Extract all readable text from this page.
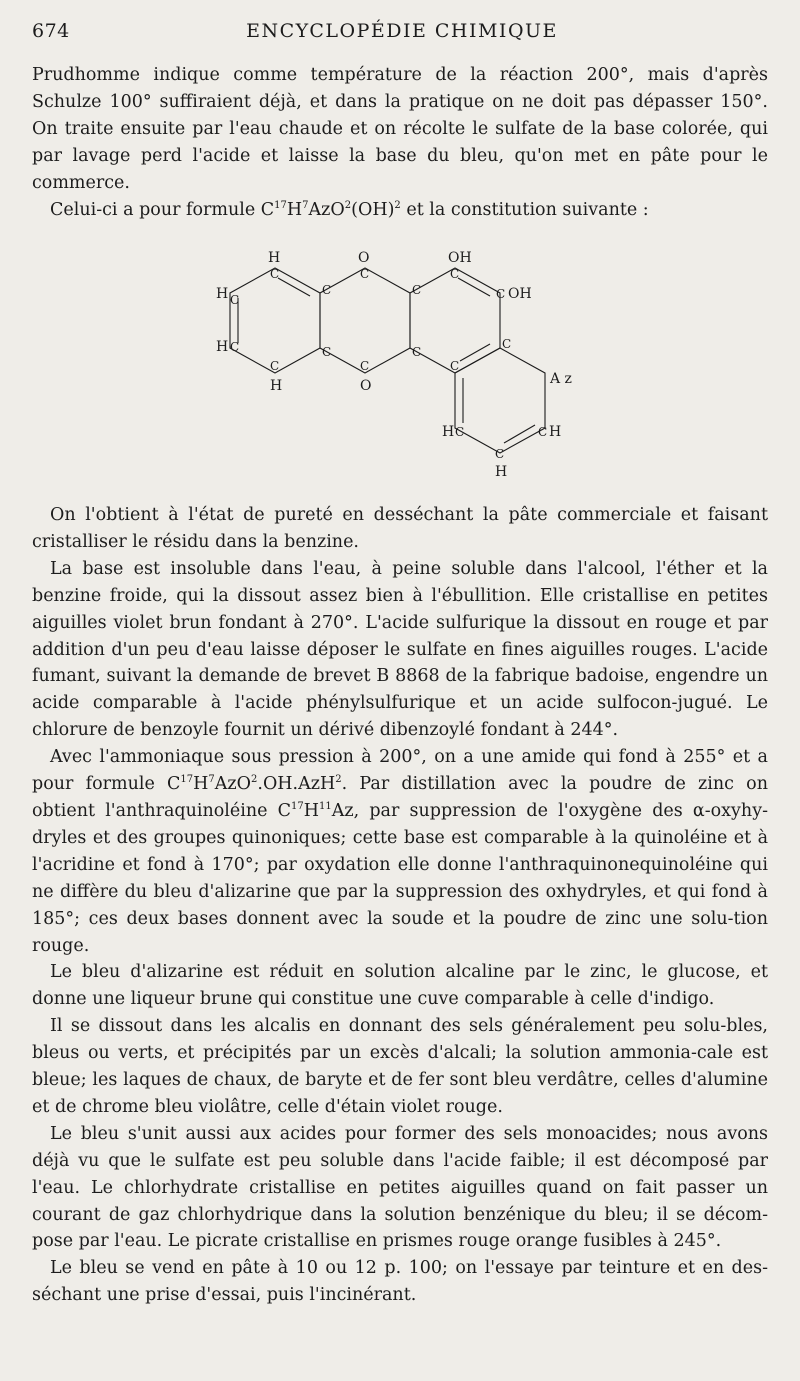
674	ENCYCLOPÉDIE CHIMIQUE

Prudhomme indique comme température de la réaction 200°, mais d'après Schulze 100° suffiraient déjà, et dans la pratique on ne doit pas dépasser 150°. On traite ensuite par l'eau chaude et on récolte le sulfate de la base colorée, qui par lavage perd l'acide et laisse la base du bleu, qu'on met en pâte pour le commerce.

Celui-ci a pour formule $C^{17}H^7AzO^2(OH)^2$ et la constitution suivante :

H	O	OH
C
C
C
C
C
H C	C OH
H C
C
C
C
C
C
C
H	O	A z
H C	C H
C
H

On l'obtient à l'état de pureté en desséchant la pâte commerciale et faisant cristalliser le résidu dans la benzine.

La base est insoluble dans l'eau, à peine soluble dans l'alcool, l'éther et la benzine froide, qui la dissout assez bien à l'ébullition. Elle cristallise en petites aiguilles violet brun fondant à 270°. L'acide sulfurique la dissout en rouge et par addition d'un peu d'eau laisse déposer le sulfate en fines aiguilles rouges. L'acide fumant, suivant la demande de brevet B 8868 de la fabrique badoise, engendre un acide comparable à l'acide phénylsulfurique et un acide sulfocon-jugué. Le chlorure de benzoyle fournit un dérivé dibenzoylé fondant à 244°.

Avec l'ammoniaque sous pression à 200°, on a une amide qui fond à 255° et a pour formule $C^{17}H^7AzO^2.OH.AzH^2$. Par distillation avec la poudre de zinc on obtient l'anthraquinoléine $C^{17}H^{11}Az$, par suppression de l'oxygène des α-oxyhy-dryles et des groupes quinoniques; cette base est comparable à la quinoléine et à l'acridine et fond à 170°; par oxydation elle donne l'anthraquinonequinoléine qui ne diffère du bleu d'alizarine que par la suppression des oxhydryles, et qui fond à 185°; ces deux bases donnent avec la soude et la poudre de zinc une solu-tion rouge.

Le bleu d'alizarine est réduit en solution alcaline par le zinc, le glucose, et donne une liqueur brune qui constitue une cuve comparable à celle d'indigo.

Il se dissout dans les alcalis en donnant des sels généralement peu solu-bles, bleus ou verts, et précipités par un excès d'alcali; la solution ammonia-cale est bleue; les laques de chaux, de baryte et de fer sont bleu verdâtre, celles d'alumine et de chrome bleu violâtre, celle d'étain violet rouge.

Le bleu s'unit aussi aux acides pour former des sels monoacides; nous avons déjà vu que le sulfate est peu soluble dans l'acide faible; il est décomposé par l'eau. Le chlorhydrate cristallise en petites aiguilles quand on fait passer un courant de gaz chlorhydrique dans la solution benzénique du bleu; il se décom-pose par l'eau. Le picrate cristallise en prismes rouge orange fusibles à 245°.

Le bleu se vend en pâte à 10 ou 12 p. 100; on l'essaye par teinture et en des-séchant une prise d'essai, puis l'incinérant.
